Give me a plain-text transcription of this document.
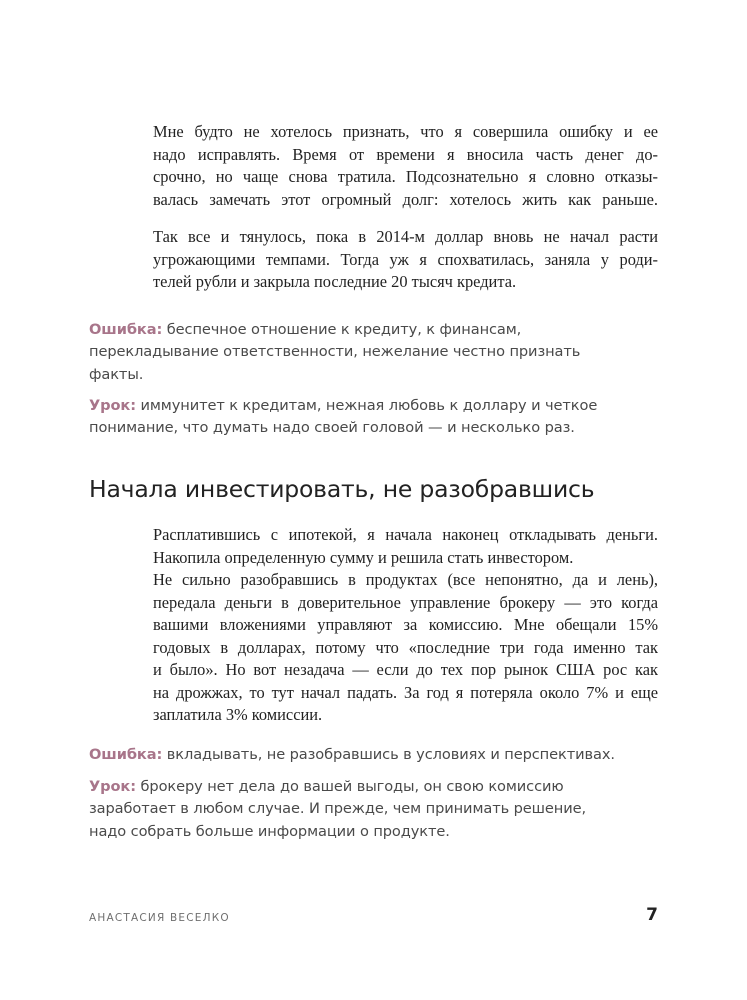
Мне будто не хотелось признать, что я совершила ошибку и ее
надо исправлять. Время от времени я вносила часть денег до-
срочно, но чаще снова тратила. Подсознательно я словно отказы-
валась замечать этот огромный долг: хотелось жить как раньше.

Так все и тянулось, пока в 2014-м доллар вновь не начал расти
угрожающими темпами. Тогда уж я спохватилась, заняла у роди-
телей рубли и закрыла последние 20 тысяч кредита.

Ошибка: беспечное отношение к кредиту, к финансам,
перекладывание ответственности, нежелание честно признать
факты.

Урок: иммунитет к кредитам, нежная любовь к доллару и четкое
понимание, что думать надо своей головой — и несколько раз.

Начала инвестировать, не разобравшись

Расплатившись с ипотекой, я начала наконец откладывать деньги.
Накопила определенную сумму и решила стать инвестором.
Не сильно разобравшись в продуктах (все непонятно, да и лень),
передала деньги в доверительное управление брокеру — это когда
вашими вложениями управляют за комиссию. Мне обещали 15%
годовых в долларах, потому что «последние три года именно так
и было». Но вот незадача — если до тех пор рынок США рос как
на дрожжах, то тут начал падать. За год я потеряла около 7% и еще
заплатила 3% комиссии.

Ошибка: вкладывать, не разобравшись в условиях и перспективах.

Урок: брокеру нет дела до вашей выгоды, он свою комиссию
заработает в любом случае. И прежде, чем принимать решение,
надо собрать больше информации о продукте.

АНАСТАСИЯ ВЕСЕЛКО	7
